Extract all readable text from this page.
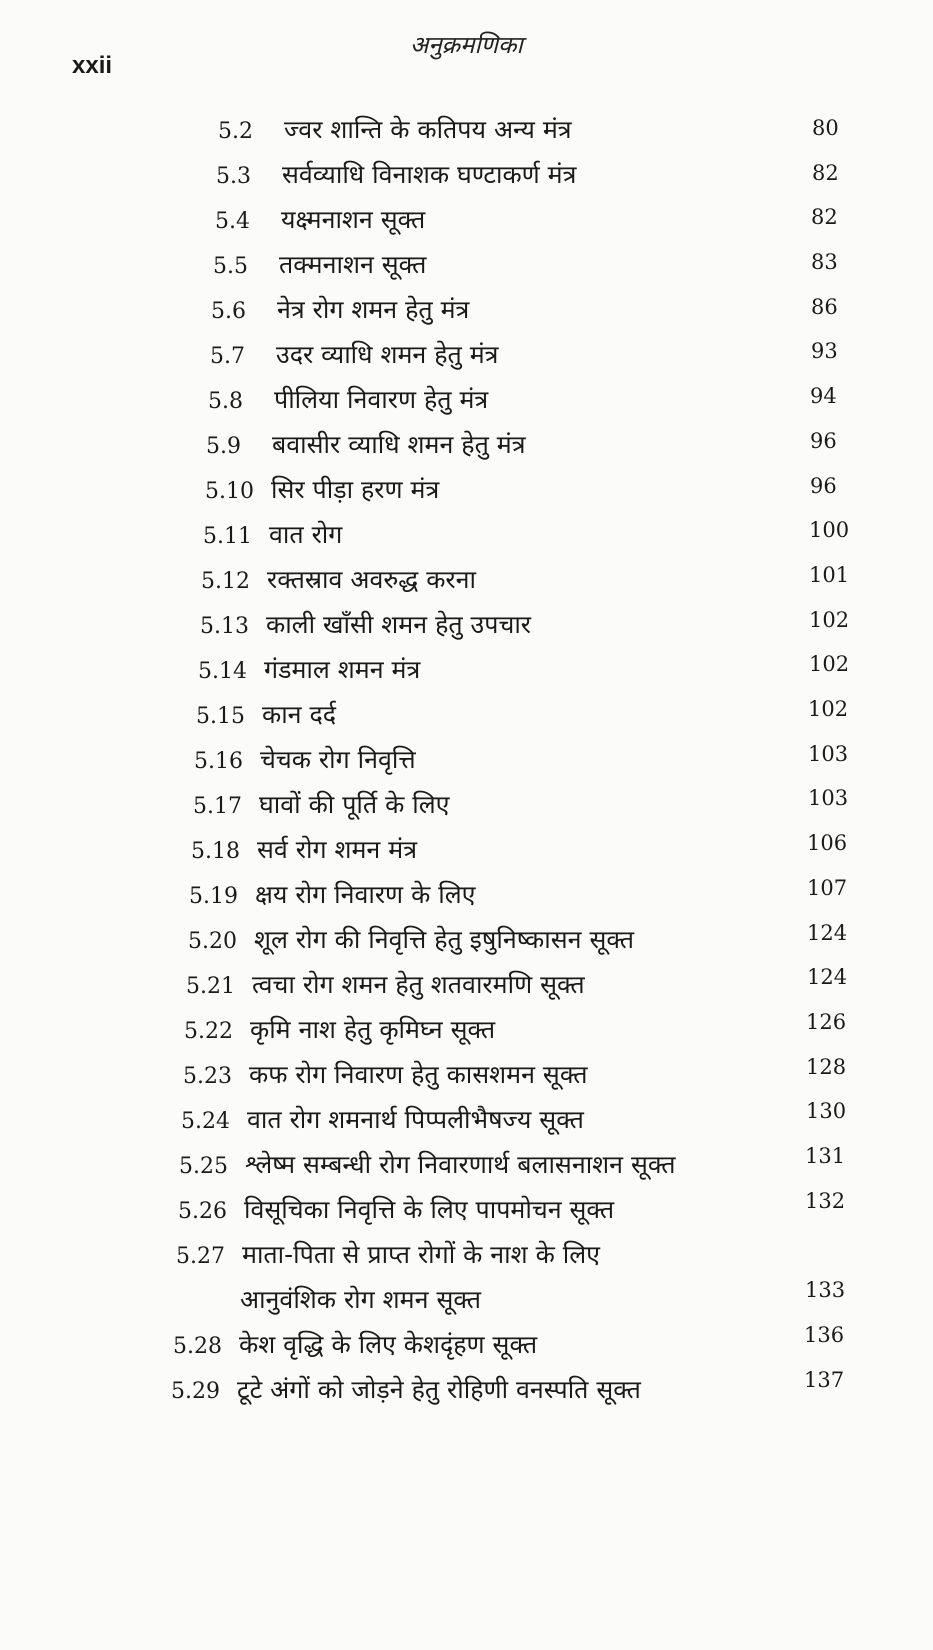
xxii
अनुक्रमणिका
5.2 ज्वर शान्ति के कतिपय अन्य मंत्र	80
5.3 सर्वव्याधि विनाशक घण्टाकर्ण मंत्र	82
5.4 यक्ष्मनाशन सूक्त	82
5.5 तक्मनाशन सूक्त	83
5.6 नेत्र रोग शमन हेतु मंत्र	86
5.7 उदर व्याधि शमन हेतु मंत्र	93
5.8 पीलिया निवारण हेतु मंत्र	94
5.9 बवासीर व्याधि शमन हेतु मंत्र	96
5.10 सिर पीड़ा हरण मंत्र	96
5.11 वात रोग	100
5.12 रक्तस्राव अवरुद्ध करना	101
5.13 काली खाँसी शमन हेतु उपचार	102
5.14 गंडमाल शमन मंत्र	102
5.15 कान दर्द	102
5.16 चेचक रोग निवृत्ति	103
5.17 घावों की पूर्ति के लिए	103
5.18 सर्व रोग शमन मंत्र	106
5.19 क्षय रोग निवारण के लिए	107
5.20 शूल रोग की निवृत्ति हेतु इषुनिष्कासन सूक्त	124
5.21 त्वचा रोग शमन हेतु शतवारमणि सूक्त	124
5.22 कृमि नाश हेतु कृमिघ्न सूक्त	126
5.23 कफ रोग निवारण हेतु कासशमन सूक्त	128
5.24 वात रोग शमनार्थ पिप्पलीभैषज्य सूक्त	130
5.25 श्लेष्म सम्बन्धी रोग निवारणार्थ बलासनाशन सूक्त	131
5.26 विसूचिका निवृत्ति के लिए पापमोचन सूक्त	132
5.27 माता-पिता से प्राप्त रोगों के नाश के लिए
आनुवंशिक रोग शमन सूक्त	133
5.28 केश वृद्धि के लिए केशदृंहण सूक्त	136
5.29 टूटे अंगों को जोड़ने हेतु रोहिणी वनस्पति सूक्त	137
